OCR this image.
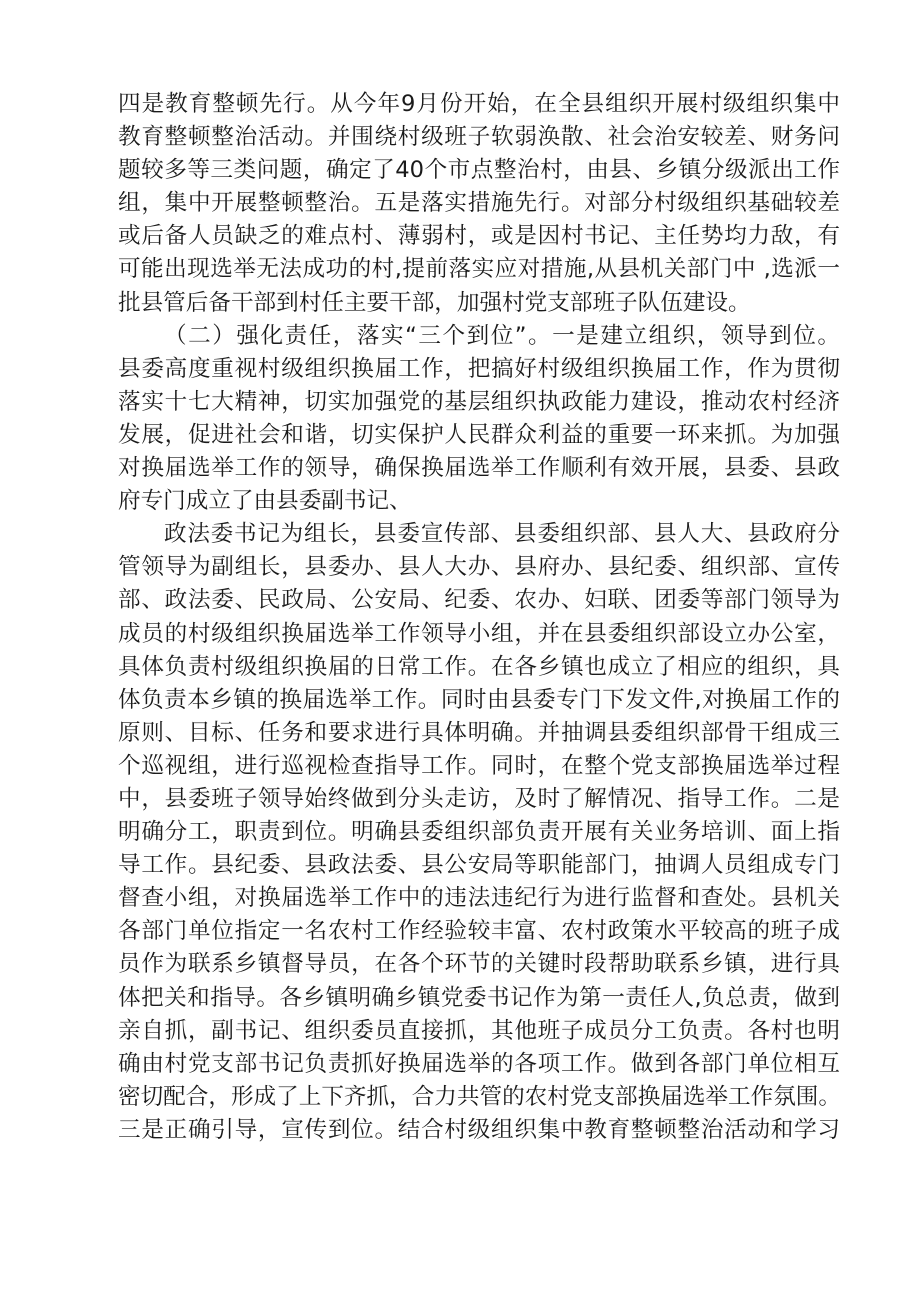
四是教育整顿先行。从今年9月份开始，在全县组织开展村级组织集中
教育整顿整治活动。并围绕村级班子软弱涣散、社会治安较差、财务问
题较多等三类问题，确定了40个市点整治村，由县、乡镇分级派出工作
组，集中开展整顿整治。五是落实措施先行。对部分村级组织基础较差
或后备人员缺乏的难点村、薄弱村，或是因村书记、主任势均力敌，有
可能出现选举无法成功的村,提前落实应对措施,从县机关部门中 ,选派一
批县管后备干部到村任主要干部，加强村党支部班子队伍建设。
（二）强化责任，落实“三个到位”。一是建立组织，领导到位。
县委高度重视村级组织换届工作，把搞好村级组织换届工作，作为贯彻
落实十七大精神，切实加强党的基层组织执政能力建设，推动农村经济
发展，促进社会和谐，切实保护人民群众利益的重要一环来抓。为加强
对换届选举工作的领导，确保换届选举工作顺利有效开展，县委、县政
府专门成立了由县委副书记、
政法委书记为组长，县委宣传部、县委组织部、县人大、县政府分
管领导为副组长，县委办、县人大办、县府办、县纪委、组织部、宣传
部、政法委、民政局、公安局、纪委、农办、妇联、团委等部门领导为
成员的村级组织换届选举工作领导小组，并在县委组织部设立办公室，
具体负责村级组织换届的日常工作。在各乡镇也成立了相应的组织，具
体负责本乡镇的换届选举工作。同时由县委专门下发文件,对换届工作的
原则、目标、任务和要求进行具体明确。并抽调县委组织部骨干组成三
个巡视组，进行巡视检查指导工作。同时，在整个党支部换届选举过程
中，县委班子领导始终做到分头走访，及时了解情况、指导工作。二是
明确分工，职责到位。明确县委组织部负责开展有关业务培训、面上指
导工作。县纪委、县政法委、县公安局等职能部门，抽调人员组成专门
督查小组，对换届选举工作中的违法违纪行为进行监督和查处。县机关
各部门单位指定一名农村工作经验较丰富、农村政策水平较高的班子成
员作为联系乡镇督导员，在各个环节的关键时段帮助联系乡镇，进行具
体把关和指导。各乡镇明确乡镇党委书记作为第一责任人,负总责，做到
亲自抓，副书记、组织委员直接抓，其他班子成员分工负责。各村也明
确由村党支部书记负责抓好换届选举的各项工作。做到各部门单位相互
密切配合，形成了上下齐抓，合力共管的农村党支部换届选举工作氛围。
三是正确引导，宣传到位。结合村级组织集中教育整顿整治活动和学习
